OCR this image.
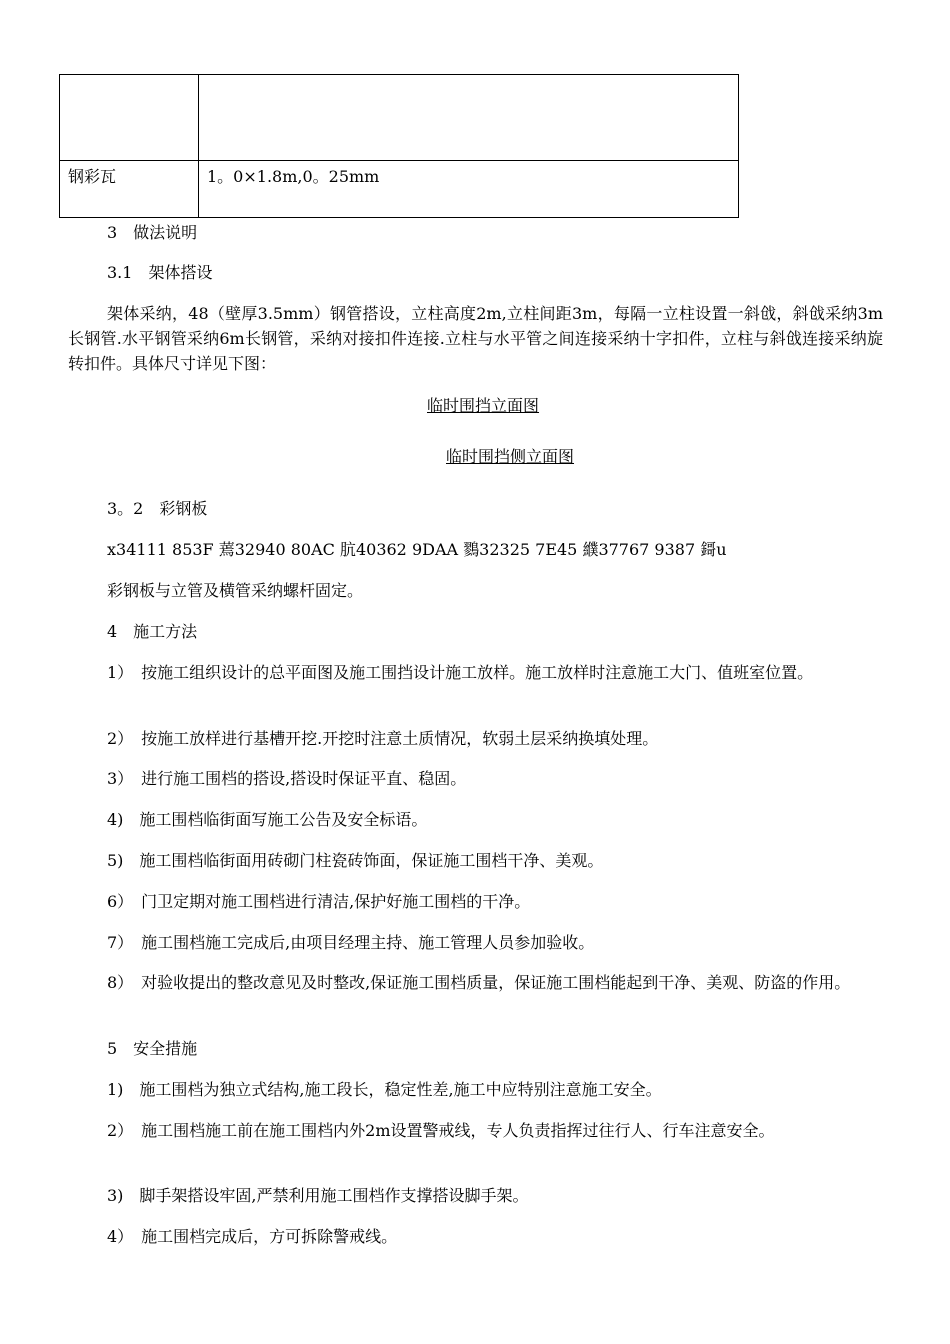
钢彩瓦	1。0×1.8m,0。25mm
3　做法说明
3.1　架体搭设
架体采纳，48（壁厚3.5mm）钢管搭设，立柱高度2m,立柱间距3m，每隔一立柱设置一斜戗，斜戗采纳3m长钢管.水平钢管采纳6m长钢管，采纳对接扣件连接.立柱与水平管之间连接采纳十字扣件，立柱与斜戗连接采纳旋转扣件。具体尺寸详见下图：
临时围挡立面图
临时围挡侧立面图
3。2　彩钢板
x34111 853F 蔫32940 80AC 肮40362 9DAA 鷚32325 7E45 纀37767 9387 鎶u
彩钢板与立管及横管采纳螺杆固定。
4　施工方法
1）　按施工组织设计的总平面图及施工围挡设计施工放样。施工放样时注意施工大门、值班室位置。
2）　按施工放样进行基槽开挖.开挖时注意土质情况，软弱土层采纳换填处理。
3）　进行施工围档的搭设,搭设时保证平直、稳固。
4)　施工围档临街面写施工公告及安全标语。
5)　施工围档临街面用砖砌门柱瓷砖饰面，保证施工围档干净、美观。
6）　门卫定期对施工围档进行清洁,保护好施工围档的干净。
7）　施工围档施工完成后,由项目经理主持、施工管理人员参加验收。
8）　对验收提出的整改意见及时整改,保证施工围档质量，保证施工围档能起到干净、美观、防盗的作用。
5　安全措施
1)　施工围档为独立式结构,施工段长，稳定性差,施工中应特别注意施工安全。
2）　施工围档施工前在施工围档内外2m设置警戒线，专人负责指挥过往行人、行车注意安全。
3)　脚手架搭设牢固,严禁利用施工围档作支撑搭设脚手架。
4）　施工围档完成后，方可拆除警戒线。
